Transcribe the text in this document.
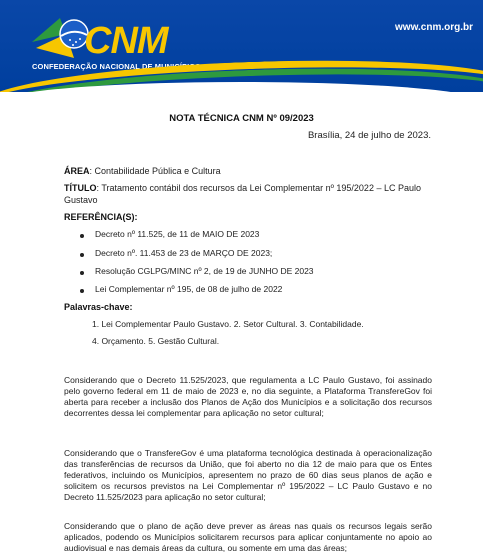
CNM
CONFEDERAÇÃO NACIONAL DE MUNICÍPIOS
www.cnm.org.br
NOTA TÉCNICA CNM Nº 09/2023
Brasília, 24 de julho de 2023.
ÁREA: Contabilidade Pública e Cultura
TÍTULO: Tratamento contábil dos recursos da Lei Complementar nº 195/2022 – LC Paulo
Gustavo
REFERÊNCIA(S):
Decreto nº 11.525, de 11 de MAIO DE 2023
Decreto nº. 11.453 de 23 de MARÇO DE 2023;
Resolução CGLPG/MINC nº 2, de 19 de JUNHO DE 2023
Lei Complementar nº 195, de 08 de julho de 2022
Palavras-chave:
1. Lei Complementar Paulo Gustavo. 2. Setor Cultural. 3. Contabilidade.
4. Orçamento. 5. Gestão Cultural.
Considerando que o Decreto 11.525/2023, que regulamenta a LC Paulo Gustavo, foi assinado pelo governo federal em 11 de maio de 2023 e, no dia seguinte, a Plataforma TransfereGov foi aberta para receber a inclusão dos Planos de Ação dos Municípios e a solicitação dos recursos decorrentes dessa lei complementar para aplicação no setor cultural;
Considerando que o TransfereGov é uma plataforma tecnológica destinada à operacionalização das transferências de recursos da União, que foi aberto no dia 12 de maio para que os Entes federativos, incluindo os Municípios, apresentem no prazo de 60 dias seus planos de ação e solicitem os recursos previstos na Lei Complementar nº 195/2022 – LC Paulo Gustavo e no Decreto 11.525/2023 para aplicação no setor cultural;
Considerando que o plano de ação deve prever as áreas nas quais os recursos legais serão aplicados, podendo os Municípios solicitarem recursos para aplicar conjuntamente no apoio ao audiovisual e nas demais áreas da cultura, ou somente em uma das áreas;
